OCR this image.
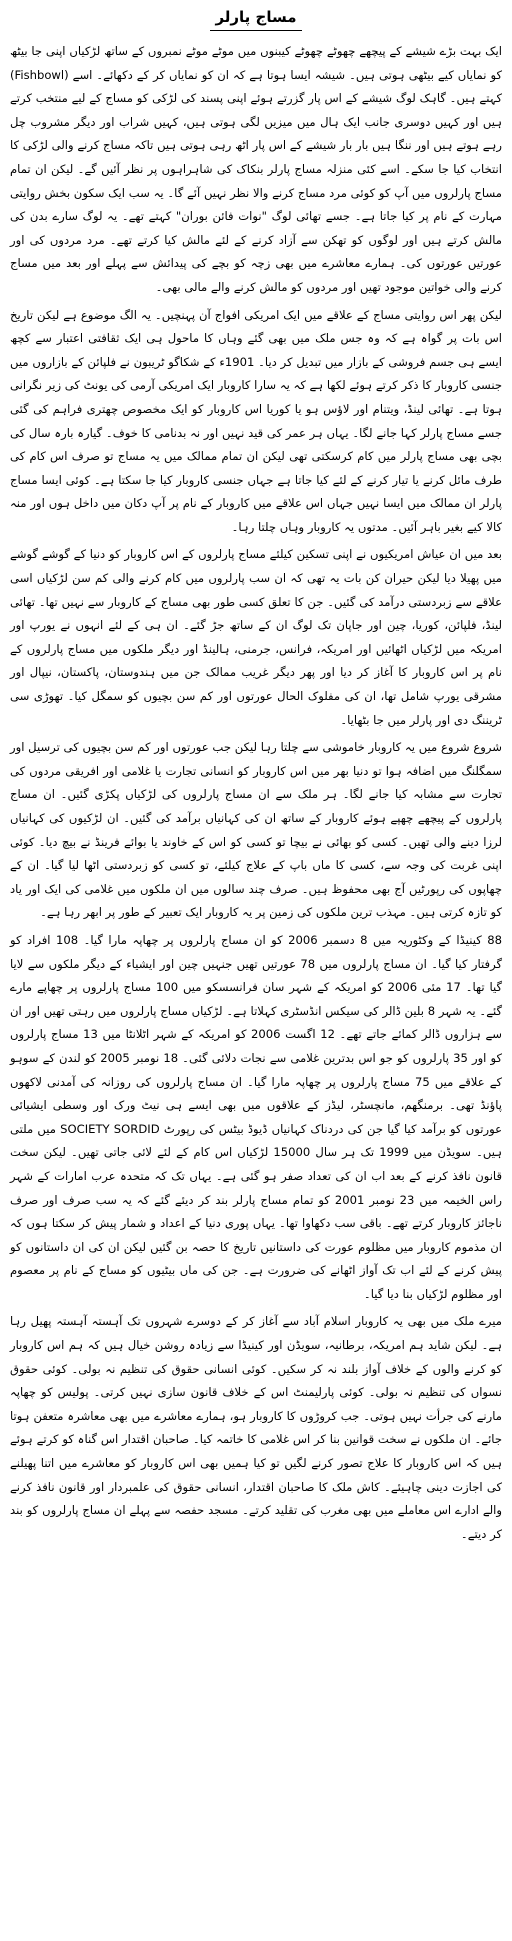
مساج پارلر

ایک بہت بڑے شیشے کے پیچھے چھوٹے چھوٹے کیبنوں میں موٹے موٹے نمبروں کے ساتھ لڑکیاں اپنی جا بیٹھ کو نمایاں کیے بیٹھی ہوتی ہیں۔ شیشہ ایسا ہوتا ہے کہ ان کو نمایاں کر کے دکھائے۔ اسے (Fishbowl) کہتے ہیں۔ گاہک لوگ شیشے کے اس پار گزرتے ہوئے اپنی پسند کی لڑکی کو مساج کے لیے منتخب کرتے ہیں اور کہیں دوسری جانب ایک ہال میں میزیں لگی ہوتی ہیں، کہیں شراب اور دیگر مشروب چل رہے ہوتے ہیں اور ننگا ہیں بار بار شیشے کے اس پار اٹھ رہی ہوتی ہیں تاکہ مساج کرنے والی لڑکی کا انتخاب کیا جا سکے۔ اسے کئی منزلہ مساج پارلر بنکاک کی شاہراہوں پر نظر آئیں گے۔ لیکن ان تمام مساج پارلروں میں آپ کو کوئی مرد مساج کرنے والا نظر نہیں آئے گا۔ یہ سب ایک سکون بخش روایتی مہارت کے نام پر کیا جاتا ہے۔ جسے تھائی لوگ "نوات فائن بوران" کہتے تھے۔ یہ لوگ سارے بدن کی مالش کرتے ہیں اور لوگوں کو تھکن سے آزاد کرنے کے لئے مالش کیا کرتے تھے۔ مرد مردوں کی اور عورتیں عورتوں کی۔ ہمارے معاشرے میں بھی زچہ کو بچے کی پیدائش سے پہلے اور بعد میں مساج کرنے والی خواتین موجود تھیں اور مردوں کو مالش کرنے والے مالی بھی۔

لیکن پھر اس روایتی مساج کے علاقے میں ایک امریکی افواج آن پہنچیں۔ یہ الگ موضوع ہے لیکن تاریخ اس بات پر گواہ ہے کہ وہ جس ملک میں بھی گئے وہاں کا ماحول ہی ایک ثقافتی اعتبار سے کچھ ایسے ہی جسم فروشی کے بازار میں تبدیل کر دیا۔ 1901ء کے شکاگو ٹریبون نے فلپائن کے بازاروں میں جنسی کاروبار کا ذکر کرتے ہوئے لکھا ہے کہ یہ سارا کاروبار ایک امریکی آرمی کی یونٹ کی زیر نگرانی ہوتا ہے۔ تھائی لینڈ، ویتنام اور لاؤس ہو یا کوریا اس کاروبار کو ایک مخصوص چھتری فراہم کی گئی جسے مساج پارلر کہا جانے لگا۔ یہاں ہر عمر کی قید نہیں اور نہ بدنامی کا خوف۔ گیارہ بارہ سال کی بچی بھی مساج پارلر میں کام کرسکتی تھی لیکن ان تمام ممالک میں یہ مساج تو صرف اس کام کی طرف مائل کرنے یا تیار کرنے کے لئے کیا جاتا ہے جہاں جنسی کاروبار کیا جا سکتا ہے۔ کوئی ایسا مساج پارلر ان ممالک میں ایسا نہیں جہاں اس علاقے میں کاروبار کے نام پر آپ دکان میں داخل ہوں اور منہ کالا کیے بغیر باہر آئیں۔ مدتوں یہ کاروبار وہاں چلتا رہا۔

بعد میں ان عیاش امریکیوں نے اپنی تسکین کیلئے مساج پارلروں کے اس کاروبار کو دنیا کے گوشے گوشے میں پھیلا دیا لیکن حیران کن بات یہ تھی کہ ان سب پارلروں میں کام کرنے والی کم سن لڑکیاں اسی علاقے سے زبردستی درآمد کی گئیں۔ جن کا تعلق کسی طور بھی مساج کے کاروبار سے نہیں تھا۔ تھائی لینڈ، فلپائن، کوریا، چین اور جاپان تک لوگ ان کے ساتھ جڑ گئے۔ ان ہی کے لئے انہوں نے یورپ اور امریکہ میں لڑکیاں اٹھائیں اور امریکہ، فرانس، جرمنی، ہالینڈ اور دیگر ملکوں میں مساج پارلروں کے نام پر اس کاروبار کا آغاز کر دیا اور پھر دیگر غریب ممالک جن میں ہندوستان، پاکستان، نیپال اور مشرقی یورپ شامل تھا، ان کی مفلوک الحال عورتوں اور کم سن بچیوں کو سمگل کیا۔ تھوڑی سی ٹریننگ دی اور پارلر میں جا بٹھایا۔

شروع شروع میں یہ کاروبار خاموشی سے چلتا رہا لیکن جب عورتوں اور کم سن بچیوں کی ترسیل اور سمگلنگ میں اضافہ ہوا تو دنیا بھر میں اس کاروبار کو انسانی تجارت یا غلامی اور افریقی مردوں کی تجارت سے مشابہ کیا جانے لگا۔ ہر ملک سے ان مساج پارلروں کی لڑکیاں پکڑی گئیں۔ ان مساج پارلروں کے پیچھے چھپے ہوئے کاروبار کے ساتھ ان کی کہانیاں برآمد کی گئیں۔ ان لڑکیوں کی کہانیاں لرزا دینے والی تھیں۔ کسی کو بھائی نے بیچا تو کسی کو اس کے خاوند یا بوائے فرینڈ نے بیچ دیا۔ کوئی اپنی غربت کی وجہ سے، کسی کا ماں باپ کے علاج کیلئے، تو کسی کو زبردستی اٹھا لیا گیا۔ ان کے چھاپوں کی رپورٹیں آج بھی محفوظ ہیں۔ صرف چند سالوں میں ان ملکوں میں غلامی کی ایک اور یاد کو تازہ کرتی ہیں۔ مہذب ترین ملکوں کی زمین پر یہ کاروبار ایک تعبیر کے طور پر ابھر رہا ہے۔

88 کینیڈا کے وکٹوریہ میں 8 دسمبر 2006 کو ان مساج پارلروں پر چھاپہ مارا گیا۔ 108 افراد کو گرفتار کیا گیا۔ ان مساج پارلروں میں 78 عورتیں تھیں جنہیں چین اور ایشیاء کے دیگر ملکوں سے لایا گیا تھا۔ 17 مئی 2006 کو امریکہ کے شہر سان فرانسسکو میں 100 مساج پارلروں پر چھاپے مارے گئے۔ یہ شہر 8 بلین ڈالر کی سیکس انڈسٹری کہلاتا ہے۔ لڑکیاں مساج پارلروں میں رہتی تھیں اور ان سے ہزاروں ڈالر کمائے جاتے تھے۔ 12 اگست 2006 کو امریکہ کے شہر اٹلانٹا میں 13 مساج پارلروں کو اور 35 پارلروں کو جو اس بدترین غلامی سے نجات دلائی گئی۔ 18 نومبر 2005 کو لندن کے سوہو کے علاقے میں 75 مساج پارلروں پر چھاپہ مارا گیا۔ ان مساج پارلروں کی روزانہ کی آمدنی لاکھوں پاؤنڈ تھی۔ برمنگھم، مانچسٹر، لیڈز کے علاقوں میں بھی ایسے ہی نیٹ ورک اور وسطی ایشیائی عورتوں کو برآمد کیا گیا جن کی دردناک کہانیاں ڈیوڈ بیٹس کی رپورٹ SOCIETY SORDID میں ملتی ہیں۔ سویڈن میں 1999 تک ہر سال 15000 لڑکیاں اس کام کے لئے لائی جاتی تھیں۔ لیکن سخت قانون نافذ کرنے کے بعد اب ان کی تعداد صفر ہو گئی ہے۔ یہاں تک کہ متحدہ عرب امارات کے شہر راس الخیمہ میں 23 نومبر 2001 کو تمام مساج پارلر بند کر دیئے گئے کہ یہ سب صرف اور صرف ناجائز کاروبار کرتے تھے۔ باقی سب دکھاوا تھا۔ یہاں پوری دنیا کے اعداد و شمار پیش کر سکتا ہوں کہ ان مذموم کاروبار میں مظلوم عورت کی داستانیں تاریخ کا حصہ بن گئیں لیکن ان کی ان داستانوں کو پیش کرنے کے لئے اب تک آواز اٹھانے کی ضرورت ہے۔ جن کی ماں بیٹیوں کو مساج کے نام پر معصوم اور مظلوم لڑکیاں بنا دیا گیا۔

میرے ملک میں بھی یہ کاروبار اسلام آباد سے آغاز کر کے دوسرے شہروں تک آہستہ آہستہ پھیل رہا ہے۔ لیکن شاید ہم امریکہ، برطانیہ، سویڈن اور کینیڈا سے زیادہ روشن خیال ہیں کہ ہم اس کاروبار کو کرنے والوں کے خلاف آواز بلند نہ کر سکیں۔ کوئی انسانی حقوق کی تنظیم نہ بولی۔ کوئی حقوق نسواں کی تنظیم نہ بولی۔ کوئی پارلیمنٹ اس کے خلاف قانون سازی نہیں کرتی۔ پولیس کو چھاپہ مارنے کی جرأت نہیں ہوتی۔ جب کروڑوں کا کاروبار ہو، ہمارے معاشرے میں بھی معاشرہ متعفن ہوتا جائے۔ ان ملکوں نے سخت قوانین بنا کر اس غلامی کا خاتمہ کیا۔ صاحبان اقتدار اس گناہ کو کرتے ہوئے ہیں کہ اس کاروبار کا علاج تصور کرنے لگیں تو کیا ہمیں بھی اس کاروبار کو معاشرے میں اتنا پھیلنے کی اجازت دینی چاہیئے۔ کاش ملک کا صاحبان اقتدار، انسانی حقوق کی علمبردار اور قانون نافذ کرنے والے ادارے اس معاملے میں بھی مغرب کی تقلید کرتے۔ مسجد حفصہ سے پہلے ان مساج پارلروں کو بند کر دیتے۔
